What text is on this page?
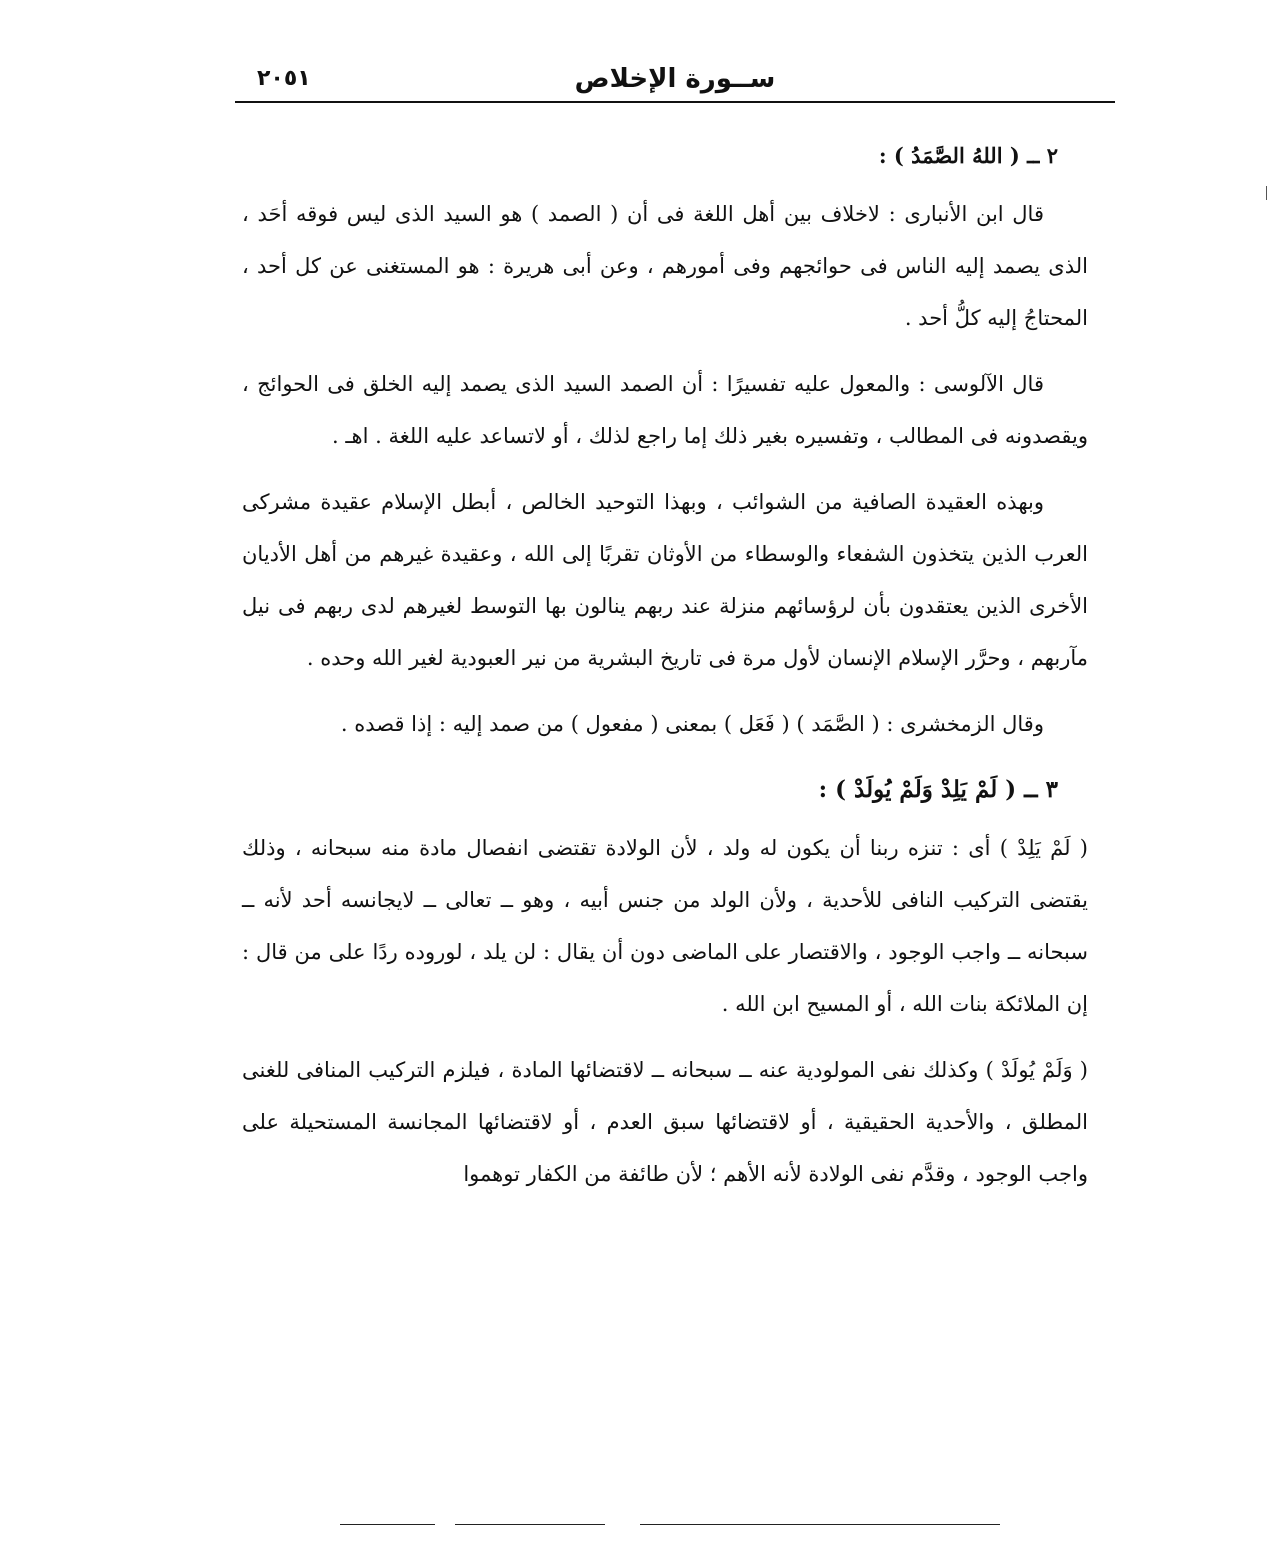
ســورة الإخلاص
٢٠٥١

٢ ــ ( اللهُ الصَّمَدُ ) :

قال ابن الأنبارى : لاخلاف بين أهل اللغة فى أن ( الصمد ) هو السيد الذى ليس فوقه أحَد ، الذى يصمد إليه الناس فى حوائجهم وفى أمورهم ، وعن أبى هريرة : هو المستغنى عن كل أحد ، المحتاجُ إليه كلُّ أحد .

قال الآلوسى : والمعول عليه تفسيرًا : أن الصمد السيد الذى يصمد إليه الخلق فى الحوائج ، ويقصدونه فى المطالب ، وتفسيره بغير ذلك إما راجع لذلك ، أو لاتساعد عليه اللغة . اهـ .

وبهذه العقيدة الصافية من الشوائب ، وبهذا التوحيد الخالص ، أبطل الإسلام عقيدة مشركى العرب الذين يتخذون الشفعاء والوسطاء من الأوثان تقربًا إلى الله ، وعقيدة غيرهم من أهل الأديان الأخرى الذين يعتقدون بأن لرؤسائهم منزلة عند ربهم ينالون بها التوسط لغيرهم لدى ربهم فى نيل مآربهم ، وحرَّر الإسلام الإنسان لأول مرة فى تاريخ البشرية من نير العبودية لغير الله وحده .

وقال الزمخشرى : ( الصَّمَد ) ( فَعَل ) بمعنى ( مفعول ) من صمد إليه : إذا قصده .

٣ ــ ( لَمْ يَلِدْ وَلَمْ يُولَدْ ) :

( لَمْ يَلِدْ ) أى : تنزه ربنا أن يكون له ولد ، لأن الولادة تقتضى انفصال مادة منه سبحانه ، وذلك يقتضى التركيب النافى للأحدية ، ولأن الولد من جنس أبيه ، وهو ــ تعالى ــ لايجانسه أحد لأنه ــ سبحانه ــ واجب الوجود ، والاقتصار على الماضى دون أن يقال : لن يلد ، لوروده ردًا على من قال : إن الملائكة بنات الله ، أو المسيح ابن الله .

( وَلَمْ يُولَدْ ) وكذلك نفى المولودية عنه ــ سبحانه ــ لاقتضائها المادة ، فيلزم التركيب المنافى للغنى المطلق ، والأحدية الحقيقية ، أو لاقتضائها سبق العدم ، أو لاقتضائها المجانسة المستحيلة على واجب الوجود ، وقدَّم نفى الولادة لأنه الأهم ؛ لأن طائفة من الكفار توهموا
